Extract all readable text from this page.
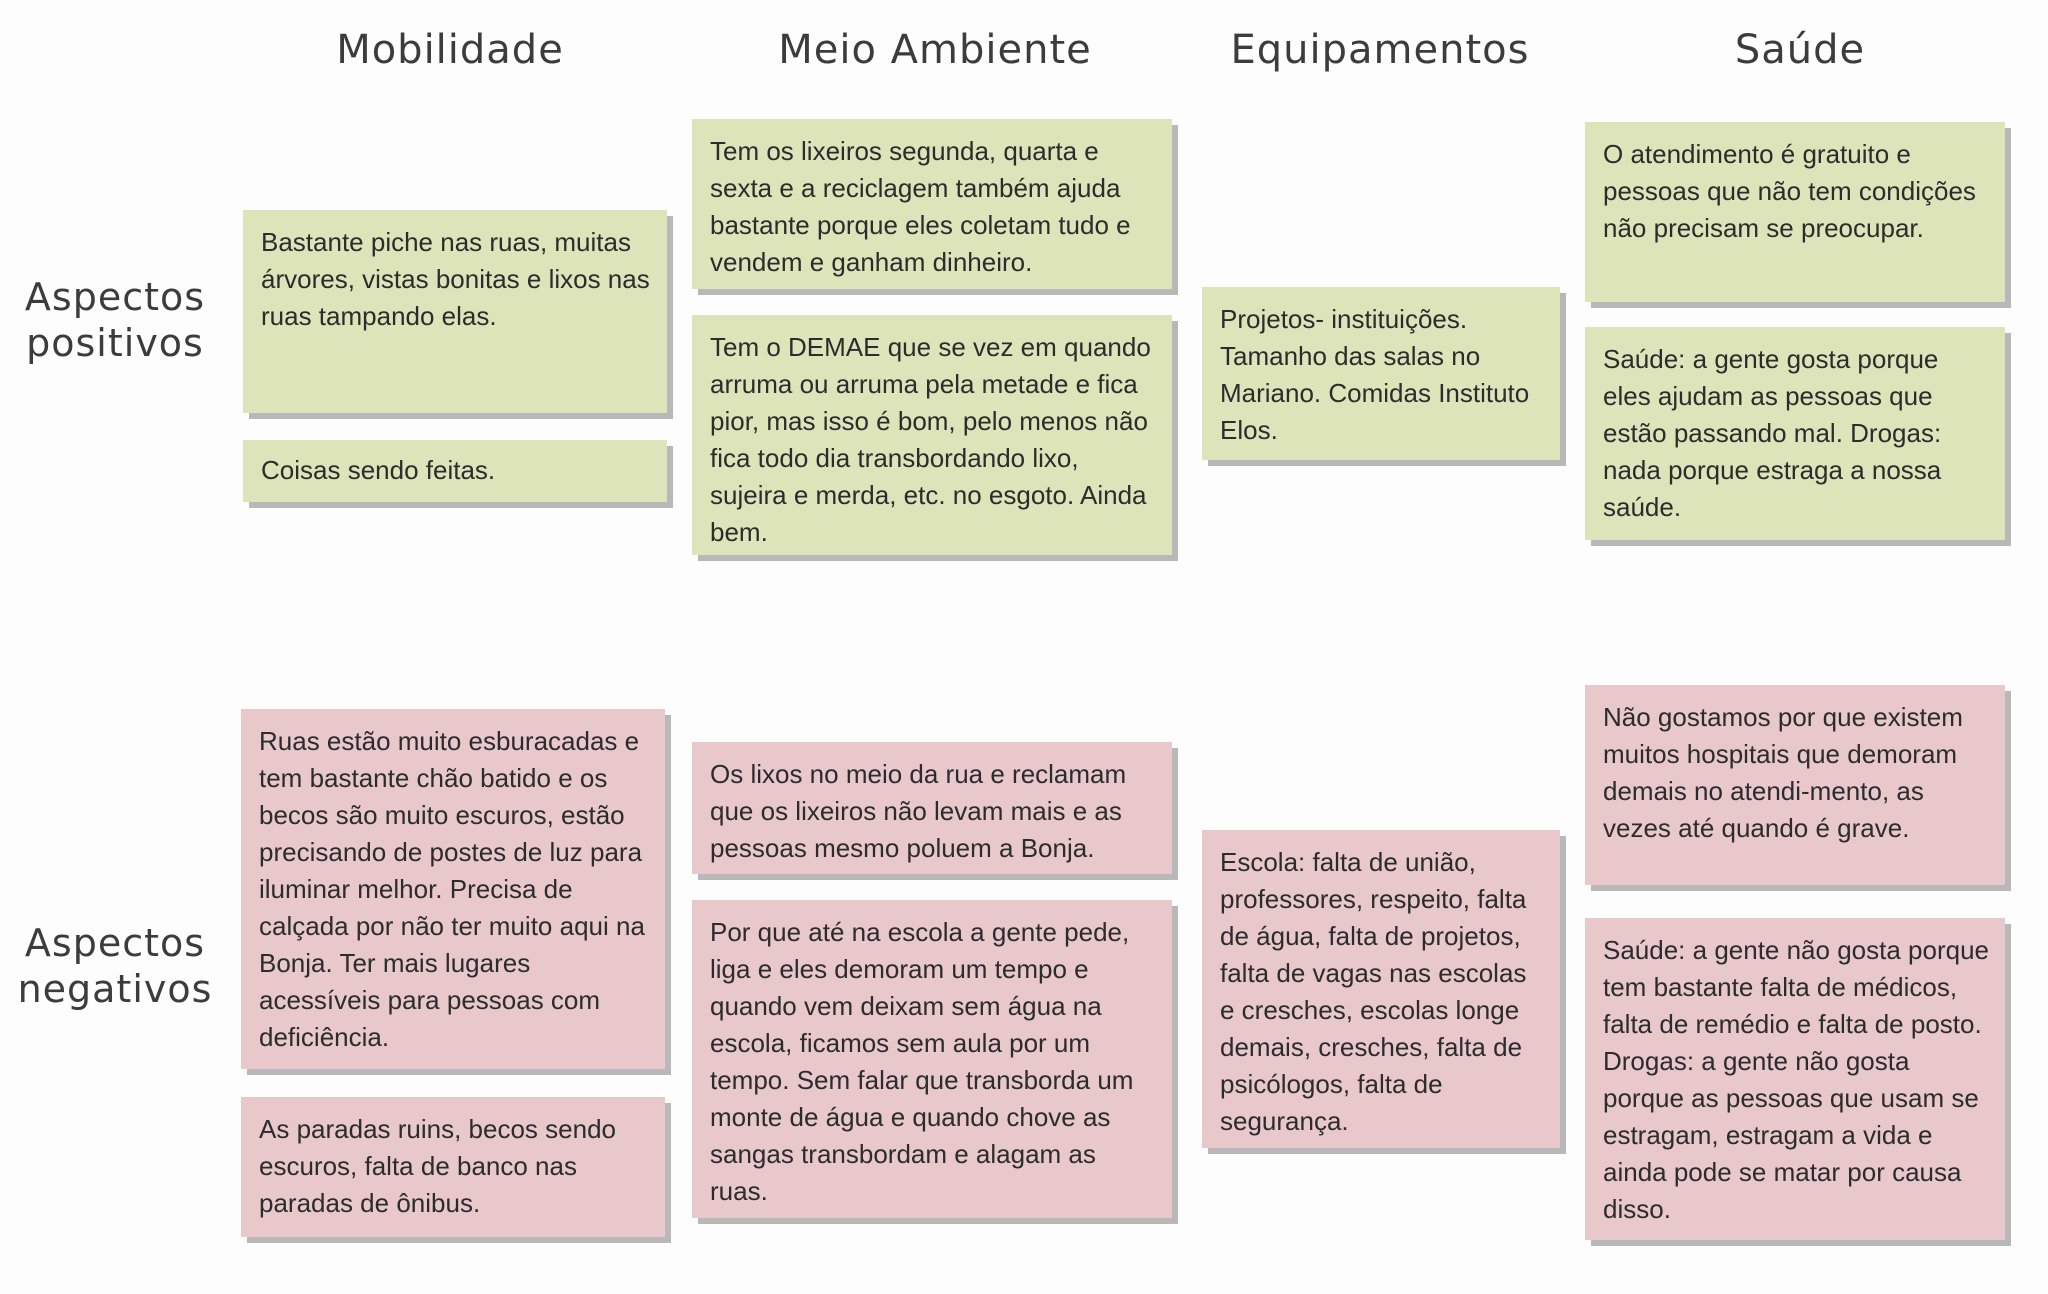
Mobilidade	Meio Ambiente	Equipamentos	Saúde
Aspectos
positivos
Aspectos
negativos
Bastante piche nas ruas, muitas árvores, vistas bonitas e lixos nas ruas tampando elas.
Coisas sendo feitas.
Tem os lixeiros segunda, quarta e sexta e a reciclagem também ajuda bastante porque eles coletam tudo e vendem e ganham dinheiro.
Tem o DEMAE que se vez em quando arruma ou arruma pela metade e fica pior, mas isso é bom, pelo menos não fica todo dia transbordando lixo, sujeira e merda, etc. no esgoto. Ainda bem.
Projetos- instituições. Tamanho das salas no Mariano. Comidas Instituto Elos.
O atendimento é gratuito e pessoas que não tem condições não precisam se preocupar.
Saúde: a gente gosta porque eles ajudam as pessoas que estão passando mal. Drogas: nada porque estraga a nossa saúde.
Ruas estão muito esburacadas e tem bastante chão batido e os becos são muito escuros, estão precisando de postes de luz para iluminar melhor. Precisa de calçada por não ter muito aqui na Bonja. Ter mais lugares acessíveis para pessoas com deficiência.
As paradas ruins, becos sendo escuros, falta de banco nas paradas de ônibus.
Os lixos no meio da rua e reclamam que os lixeiros não levam mais e as pessoas mesmo poluem a Bonja.
Por que até na escola a gente pede, liga e eles demoram um tempo e quando vem deixam sem água na escola, ficamos sem aula por um tempo. Sem falar que transborda um monte de água e quando chove as sangas transbordam e alagam as ruas.
Escola: falta de união, professores, respeito, falta de água, falta de projetos, falta de vagas nas escolas e cresches, escolas longe demais, cresches, falta de psicólogos, falta de segurança.
Não gostamos por que existem muitos hospitais que demoram demais no atendi-mento, as vezes até quando é grave.
Saúde: a gente não gosta porque tem bastante falta de médicos, falta de remédio e falta de posto. Drogas: a gente não gosta porque as pessoas que usam se estragam, estragam a vida e ainda pode se matar por causa disso.
